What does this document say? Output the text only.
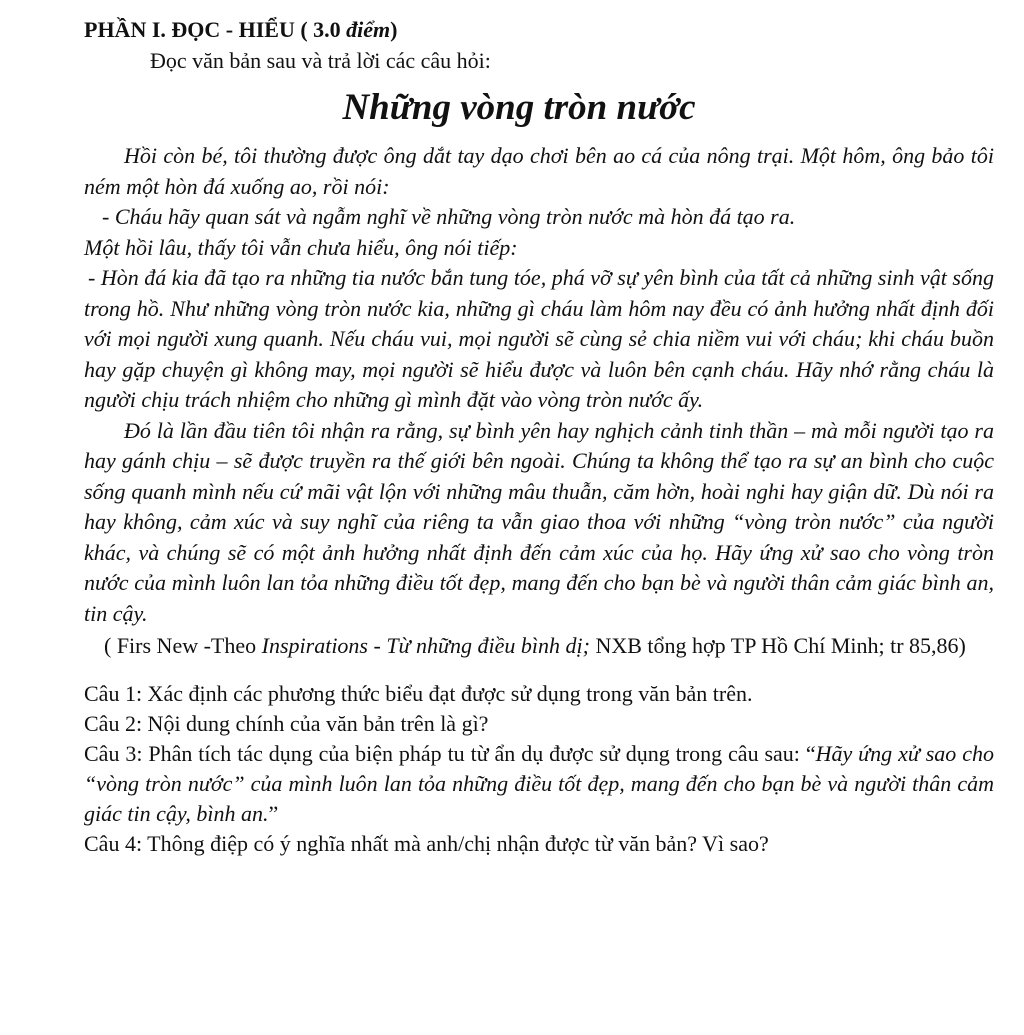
PHẦN I. ĐỌC - HIỂU ( 3.0 điểm)

Đọc văn bản sau và trả lời các câu hỏi:

Những vòng tròn nước

Hồi còn bé, tôi thường được ông dắt tay dạo chơi bên ao cá của nông trại. Một hôm, ông bảo tôi ném một hòn đá xuống ao, rồi nói:

- Cháu hãy quan sát và ngẫm nghĩ về những vòng tròn nước mà hòn đá tạo ra.

Một hồi lâu, thấy tôi vẫn chưa hiểu, ông nói tiếp:

- Hòn đá kia đã tạo ra những tia nước bắn tung tóe, phá vỡ sự yên bình của tất cả những sinh vật sống trong hồ. Như những vòng tròn nước kia, những gì cháu làm hôm nay đều có ảnh hưởng nhất định đối với mọi người xung quanh. Nếu cháu vui, mọi người sẽ cùng sẻ chia niềm vui với cháu; khi cháu buồn hay gặp chuyện gì không may, mọi người sẽ hiểu được và luôn bên cạnh cháu. Hãy nhớ rằng cháu là người chịu trách nhiệm cho những gì mình đặt vào vòng tròn nước ấy.

Đó là lần đầu tiên tôi nhận ra rằng, sự bình yên hay nghịch cảnh tinh thần – mà mỗi người tạo ra hay gánh chịu – sẽ được truyền ra thế giới bên ngoài. Chúng ta không thể tạo ra sự an bình cho cuộc sống quanh mình nếu cứ mãi vật lộn với những mâu thuẫn, căm hờn, hoài nghi hay giận dữ. Dù nói ra hay không, cảm xúc và suy nghĩ của riêng ta vẫn giao thoa với những “vòng tròn nước” của người khác, và chúng sẽ có một ảnh hưởng nhất định đến cảm xúc của họ. Hãy ứng xử sao cho vòng tròn nước của mình luôn lan tỏa những điều tốt đẹp, mang đến cho bạn bè và người thân cảm giác bình an, tin cậy.

( Firs New -Theo Inspirations - Từ những điều bình dị; NXB tổng hợp TP Hồ Chí Minh; tr 85,86)

Câu 1: Xác định các phương thức biểu đạt được sử dụng trong văn bản trên.

Câu 2: Nội dung chính của văn bản trên là gì?

Câu 3: Phân tích tác dụng của biện pháp tu từ ẩn dụ được sử dụng trong câu sau: “Hãy ứng xử sao cho “vòng tròn nước” của mình luôn lan tỏa những điều tốt đẹp, mang đến cho bạn bè và người thân cảm giác tin cậy, bình an.”

Câu 4: Thông điệp có ý nghĩa nhất mà anh/chị nhận được từ văn bản? Vì sao?
